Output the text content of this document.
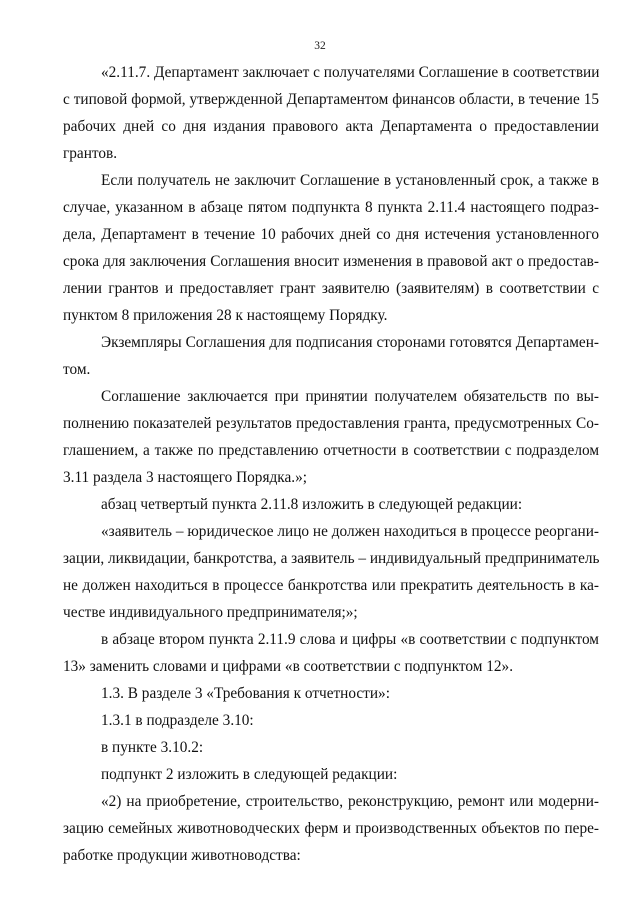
32
«2.11.7. Департамент заключает с получателями Соглашение в соответствии
с типовой формой, утвержденной Департаментом финансов области, в течение 15
рабочих дней со дня издания правового акта Департамента о предоставлении
грантов.
Если получатель не заключит Соглашение в установленный срок, а также в
случае, указанном в абзаце пятом подпункта 8 пункта 2.11.4 настоящего подраз-
дела, Департамент в течение 10 рабочих дней со дня истечения установленного
срока для заключения Соглашения вносит изменения в правовой акт о предостав-
лении грантов и предоставляет грант заявителю (заявителям) в соответствии с
пунктом 8 приложения 28 к настоящему Порядку.
Экземпляры Соглашения для подписания сторонами готовятся Департамен-
том.
Соглашение заключается при принятии получателем обязательств по вы-
полнению показателей результатов предоставления гранта, предусмотренных Со-
глашением, а также по представлению отчетности в соответствии с подразделом
3.11 раздела 3 настоящего Порядка.»;
абзац четвертый пункта 2.11.8 изложить в следующей редакции:
«заявитель – юридическое лицо не должен находиться в процессе реоргани-
зации, ликвидации, банкротства, а заявитель – индивидуальный предприниматель
не должен находиться в процессе банкротства или прекратить деятельность в ка-
честве индивидуального предпринимателя;»;
в абзаце втором пункта 2.11.9 слова и цифры «в соответствии с подпунктом
13» заменить словами и цифрами «в соответствии с подпунктом 12».
1.3. В разделе 3 «Требования к отчетности»:
1.3.1 в подразделе 3.10:
в пункте 3.10.2:
подпункт 2 изложить в следующей редакции:
«2) на приобретение, строительство, реконструкцию, ремонт или модерни-
зацию семейных животноводческих ферм и производственных объектов по пере-
работке продукции животноводства:
